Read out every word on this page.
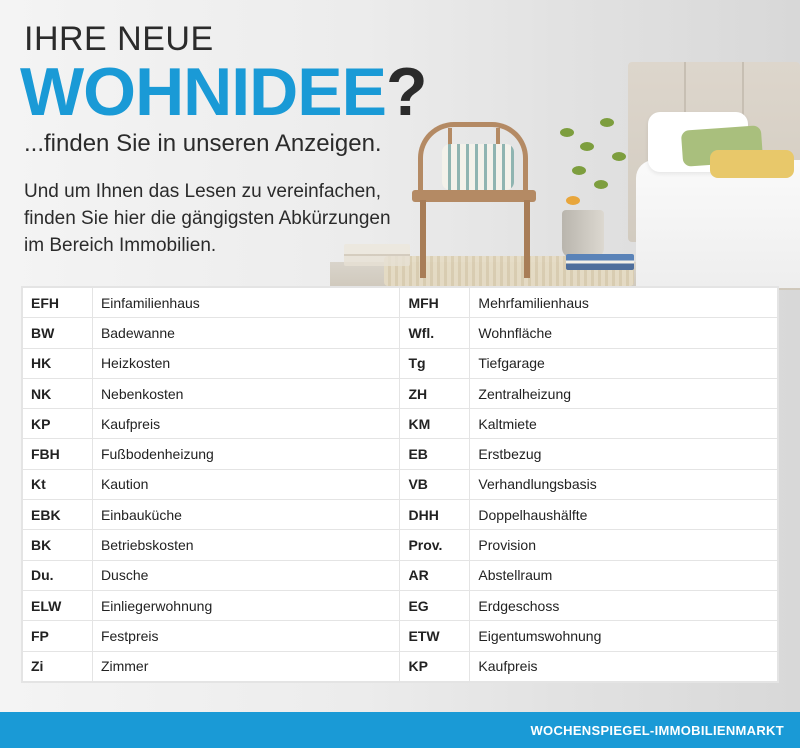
IHRE NEUE
WOHNIDEE?
...finden Sie in unseren Anzeigen.
Und um Ihnen das Lesen zu vereinfachen,
finden Sie hier die gängigsten Abkürzungen
im Bereich Immobilien.
EFH	Einfamilienhaus	MFH	Mehrfamilienhaus
BW	Badewanne	Wfl.	Wohnfläche
HK	Heizkosten	Tg	Tiefgarage
NK	Nebenkosten	ZH	Zentralheizung
KP	Kaufpreis	KM	Kaltmiete
FBH	Fußbodenheizung	EB	Erstbezug
Kt	Kaution	VB	Verhandlungsbasis
EBK	Einbauküche	DHH	Doppelhaushälfte
BK	Betriebskosten	Prov.	Provision
Du.	Dusche	AR	Abstellraum
ELW	Einliegerwohnung	EG	Erdgeschoss
FP	Festpreis	ETW	Eigentumswohnung
Zi	Zimmer	KP	Kaufpreis
WOCHENSPIEGEL-IMMOBILIENMARKT
